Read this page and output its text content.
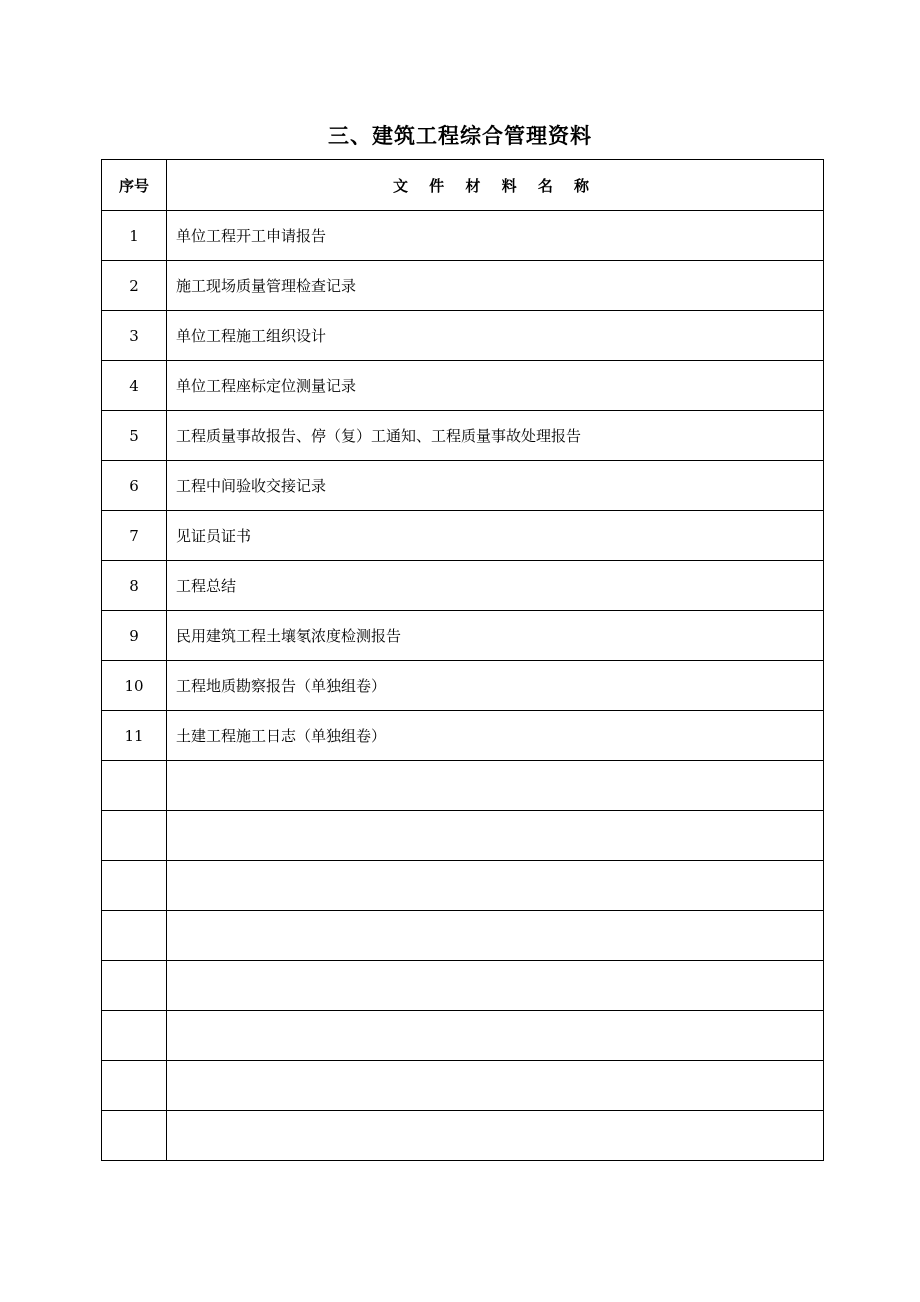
三、建筑工程综合管理资料
序号	文 件 材 料 名 称
1	单位工程开工申请报告
2	施工现场质量管理检查记录
3	单位工程施工组织设计
4	单位工程座标定位测量记录
5	工程质量事故报告、停（复）工通知、工程质量事故处理报告
6	工程中间验收交接记录
7	见证员证书
8	工程总结
9	民用建筑工程土壤氡浓度检测报告
10	工程地质勘察报告（单独组卷）
11	土建工程施工日志（单独组卷）
